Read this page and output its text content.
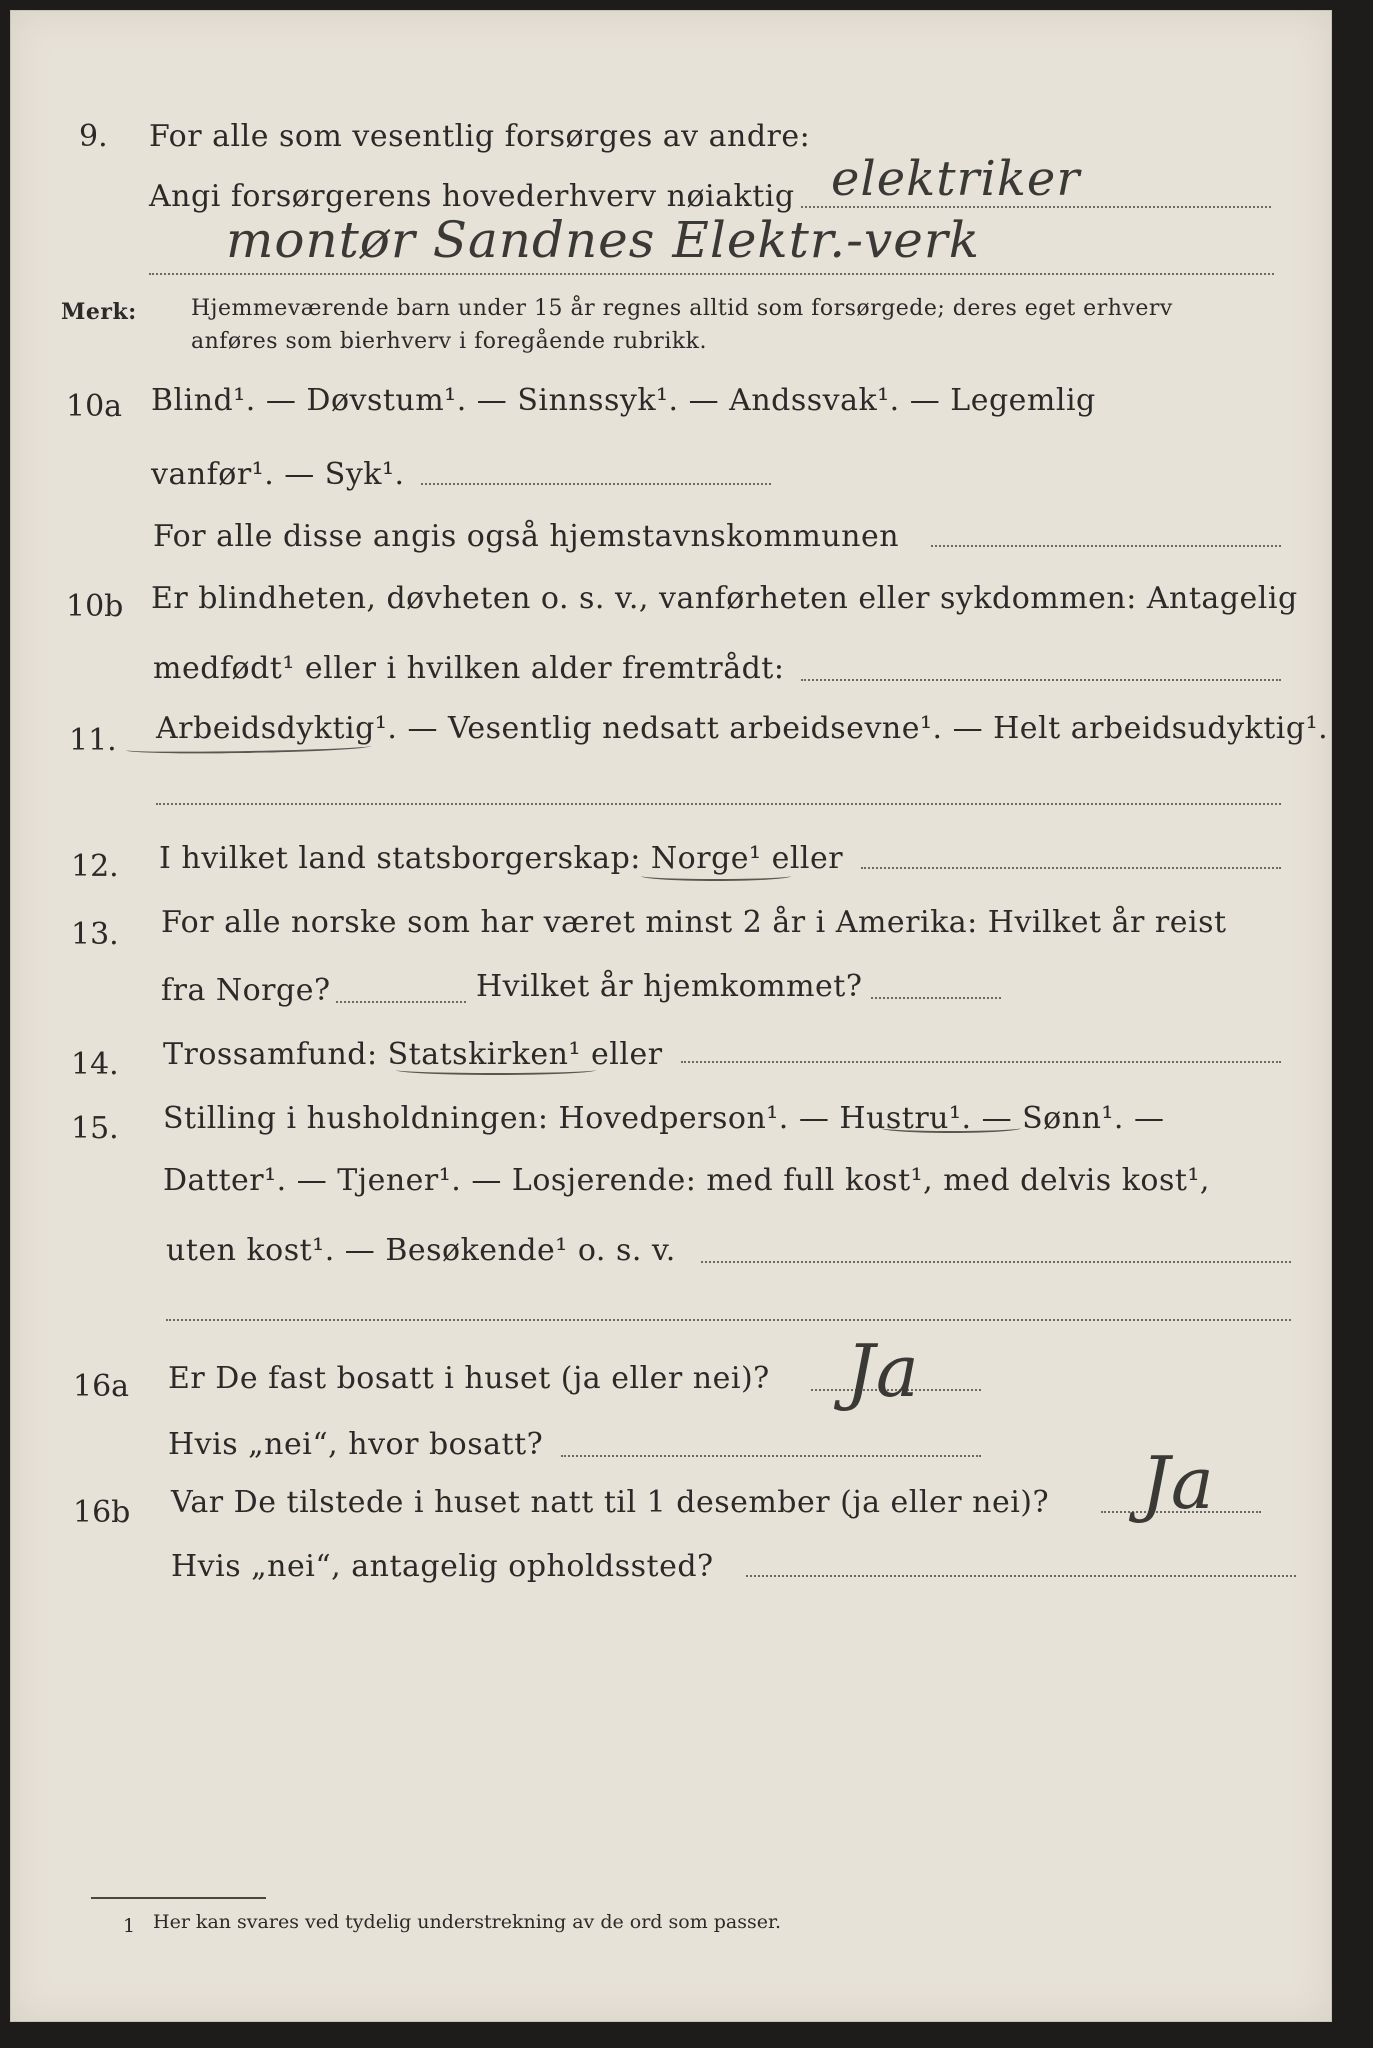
9. For alle som vesentlig forsørges av andre:
Angi forsørgerens hovederhverv nøiaktig elektriker
montør Sandnes Elektr.-verk
Merk: Hjemmeværende barn under 15 år regnes alltid som forsørgede; deres eget erhverv
anføres som bierhverv i foregående rubrikk.
10a Blind¹. — Døvstum¹. — Sinnssyk¹. — Andssvak¹. — Legemlig
vanfør¹. — Syk¹.
For alle disse angis også hjemstavnskommunen
10b Er blindheten, døvheten o. s. v., vanførheten eller sykdommen: Antagelig
medfødt¹ eller i hvilken alder fremtrådt:
11. Arbeidsdyktig¹. — Vesentlig nedsatt arbeidsevne¹. — Helt arbeidsudyktig¹.
12. I hvilket land statsborgerskap: Norge¹ eller
13. For alle norske som har været minst 2 år i Amerika: Hvilket år reist
fra Norge?	Hvilket år hjemkommet?
14. Trossamfund: Statskirken¹ eller
15. Stilling i husholdningen: Hovedperson¹. — Hustru¹. — Sønn¹. —
Datter¹. — Tjener¹. — Losjerende: med full kost¹, med delvis kost¹,
uten kost¹. — Besøkende¹ o. s. v.
16a Er De fast bosatt i huset (ja eller nei)? Ja
Hvis „nei“, hvor bosatt?
16b Var De tilstede i huset natt til 1 desember (ja eller nei)? Ja
Hvis „nei“, antagelig opholdssted?
1 Her kan svares ved tydelig understrekning av de ord som passer.
